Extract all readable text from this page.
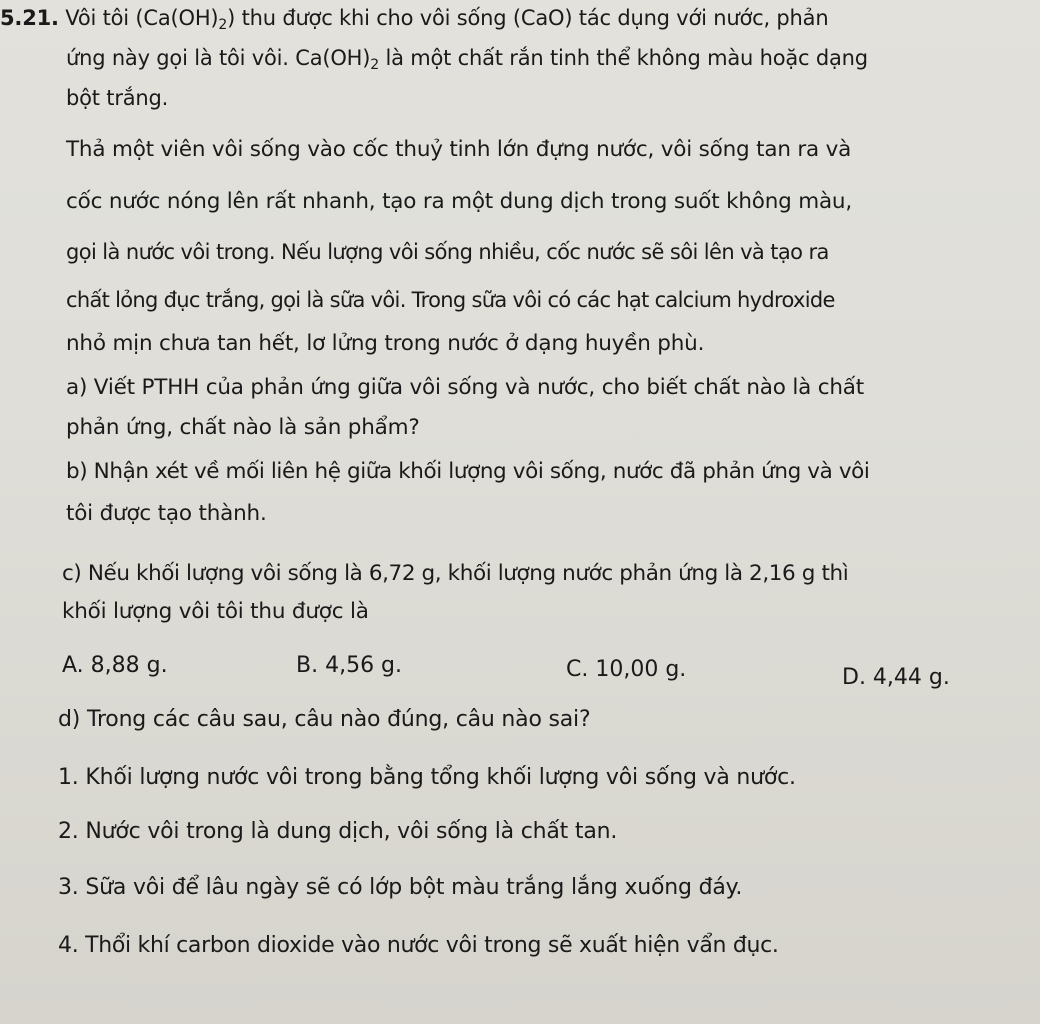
5.21. Vôi tôi $(Ca(OH)_2)$ thu được khi cho vôi sống (CaO) tác dụng với nước, phản
ứng này gọi là tôi vôi. $Ca(OH)_2$ là một chất rắn tinh thể không màu hoặc dạng
bột trắng.
Thả một viên vôi sống vào cốc thuỷ tinh lớn đựng nước, vôi sống tan ra và
cốc nước nóng lên rất nhanh, tạo ra một dung dịch trong suốt không màu,
gọi là nước vôi trong. Nếu lượng vôi sống nhiều, cốc nước sẽ sôi lên và tạo ra
chất lỏng đục trắng, gọi là sữa vôi. Trong sữa vôi có các hạt calcium hydroxide
nhỏ mịn chưa tan hết, lơ lửng trong nước ở dạng huyền phù.
a) Viết PTHH của phản ứng giữa vôi sống và nước, cho biết chất nào là chất
phản ứng, chất nào là sản phẩm?
b) Nhận xét về mối liên hệ giữa khối lượng vôi sống, nước đã phản ứng và vôi
tôi được tạo thành.
c) Nếu khối lượng vôi sống là 6,72 g, khối lượng nước phản ứng là 2,16 g thì
khối lượng vôi tôi thu được là
A. 8,88 g.	B. 4,56 g.	C. 10,00 g.	D. 4,44 g.
d) Trong các câu sau, câu nào đúng, câu nào sai?
1. Khối lượng nước vôi trong bằng tổng khối lượng vôi sống và nước.
2. Nước vôi trong là dung dịch, vôi sống là chất tan.
3. Sữa vôi để lâu ngày sẽ có lớp bột màu trắng lắng xuống đáy.
4. Thổi khí carbon dioxide vào nước vôi trong sẽ xuất hiện vẩn đục.
